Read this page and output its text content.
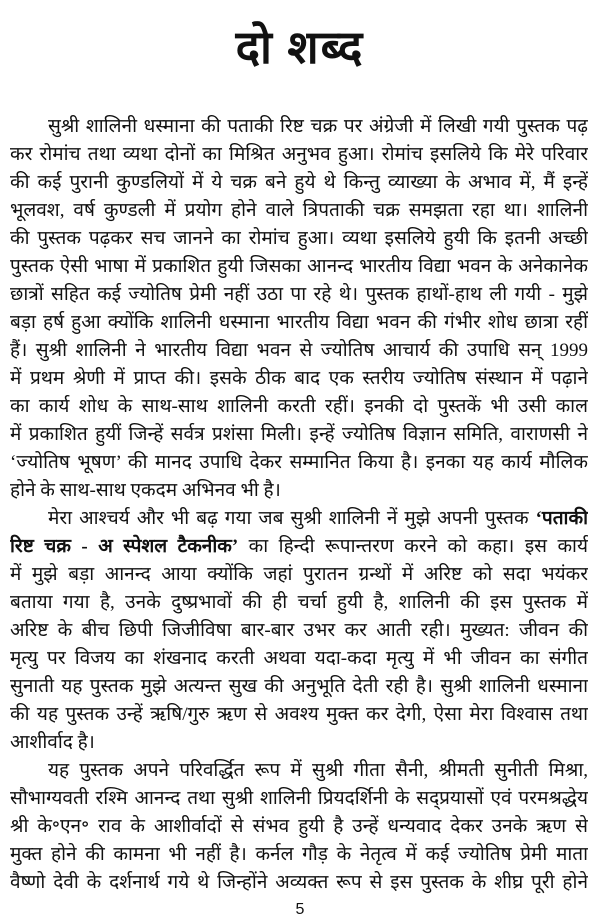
दो शब्द
सुश्री शालिनी धस्माना की पताकी रिष्ट चक्र पर अंग्रेजी में लिखी गयी पुस्तक पढ़
कर रोमांच तथा व्यथा दोनों का मिश्रित अनुभव हुआ। रोमांच इसलिये कि मेरे परिवार
की कई पुरानी कुण्डलियों में ये चक्र बने हुये थे किन्तु व्याख्या के अभाव में, मैं इन्हें
भूलवश, वर्ष कुण्डली में प्रयोग होने वाले त्रिपताकी चक्र समझता रहा था। शालिनी
की पुस्तक पढ़कर सच जानने का रोमांच हुआ। व्यथा इसलिये हुयी कि इतनी अच्छी
पुस्तक ऐसी भाषा में प्रकाशित हुयी जिसका आनन्द भारतीय विद्या भवन के अनेकानेक
छात्रों सहित कई ज्योतिष प्रेमी नहीं उठा पा रहे थे। पुस्तक हाथों-हाथ ली गयी - मुझे
बड़ा हर्ष हुआ क्योंकि शालिनी धस्माना भारतीय विद्या भवन की गंभीर शोध छात्रा रहीं
हैं। सुश्री शालिनी ने भारतीय विद्या भवन से ज्योतिष आचार्य की उपाधि सन् 1999
में प्रथम श्रेणी में प्राप्त की। इसके ठीक बाद एक स्तरीय ज्योतिष संस्थान में पढ़ाने
का कार्य शोध के साथ-साथ शालिनी करती रहीं। इनकी दो पुस्तकें भी उसी काल
में प्रकाशित हुयीं जिन्हें सर्वत्र प्रशंसा मिली। इन्हें ज्योतिष विज्ञान समिति, वाराणसी ने
‘ज्योतिष भूषण’ की मानद उपाधि देकर सम्मानित किया है। इनका यह कार्य मौलिक
होने के साथ-साथ एकदम अभिनव भी है।
मेरा आश्चर्य और भी बढ़ गया जब सुश्री शालिनी नें मुझे अपनी पुस्तक ‘पताकी
रिष्ट चक्र - अ स्पेशल टैकनीक’ का हिन्दी रूपान्तरण करने को कहा। इस कार्य
में मुझे बड़ा आनन्द आया क्योंकि जहां पुरातन ग्रन्थों में अरिष्ट को सदा भयंकर
बताया गया है, उनके दुष्प्रभावों की ही चर्चा हुयी है, शालिनी की इस पुस्तक में
अरिष्ट के बीच छिपी जिजीविषा बार-बार उभर कर आती रही। मुख्यत: जीवन की
मृत्यु पर विजय का शंखनाद करती अथवा यदा-कदा मृत्यु में भी जीवन का संगीत
सुनाती यह पुस्तक मुझे अत्यन्त सुख की अनुभूति देती रही है। सुश्री शालिनी धस्माना
की यह पुस्तक उन्हें ऋषि/गुरु ऋण से अवश्य मुक्त कर देगी, ऐसा मेरा विश्वास तथा
आशीर्वाद है।
यह पुस्तक अपने परिवर्द्धित रूप में सुश्री गीता सैनी, श्रीमती सुनीती मिश्रा,
सौभाग्यवती रश्मि आनन्द तथा सुश्री शालिनी प्रियदर्शिनी के सद्प्रयासों एवं परमश्रद्धेय
श्री के॰एन॰ राव के आशीर्वादों से संभव हुयी है उन्हें धन्यवाद देकर उनके ऋण से
मुक्त होने की कामना भी नहीं है। कर्नल गौड़ के नेतृत्व में कई ज्योतिष प्रेमी माता
वैष्णो देवी के दर्शनार्थ गये थे जिन्होंने अव्यक्त रूप से इस पुस्तक के शीघ्र पूरी होने
5
